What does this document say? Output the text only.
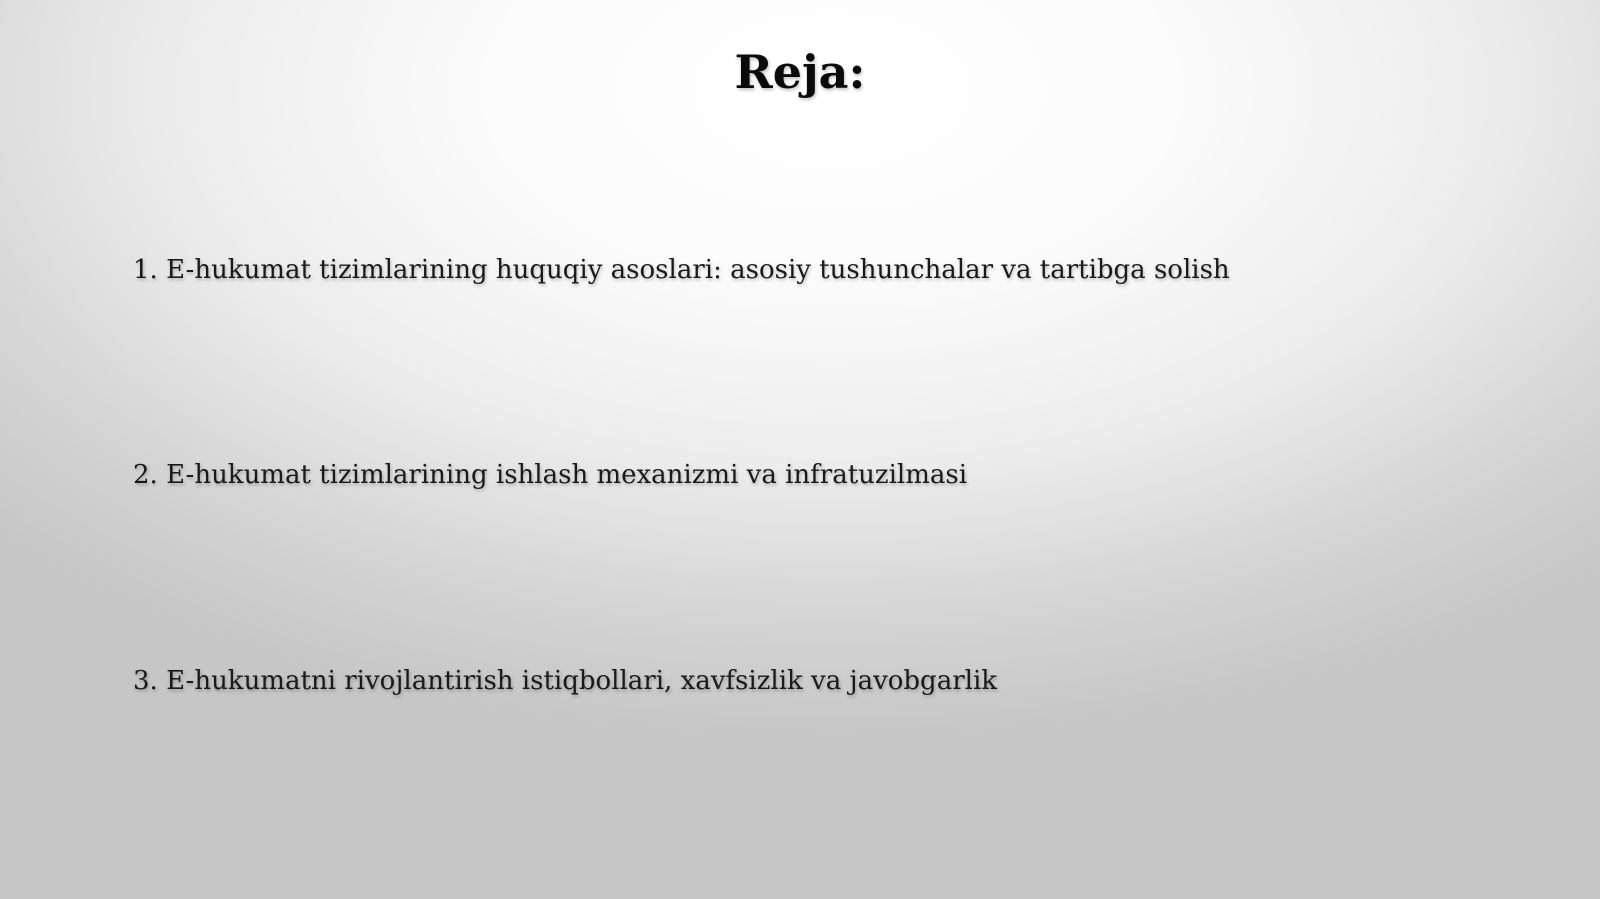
Reja:
1. E-hukumat tizimlarining huquqiy asoslari: asosiy tushunchalar va tartibga solish
2. E-hukumat tizimlarining ishlash mexanizmi va infratuzilmasi
3. E-hukumatni rivojlantirish istiqbollari, xavfsizlik va javobgarlik
